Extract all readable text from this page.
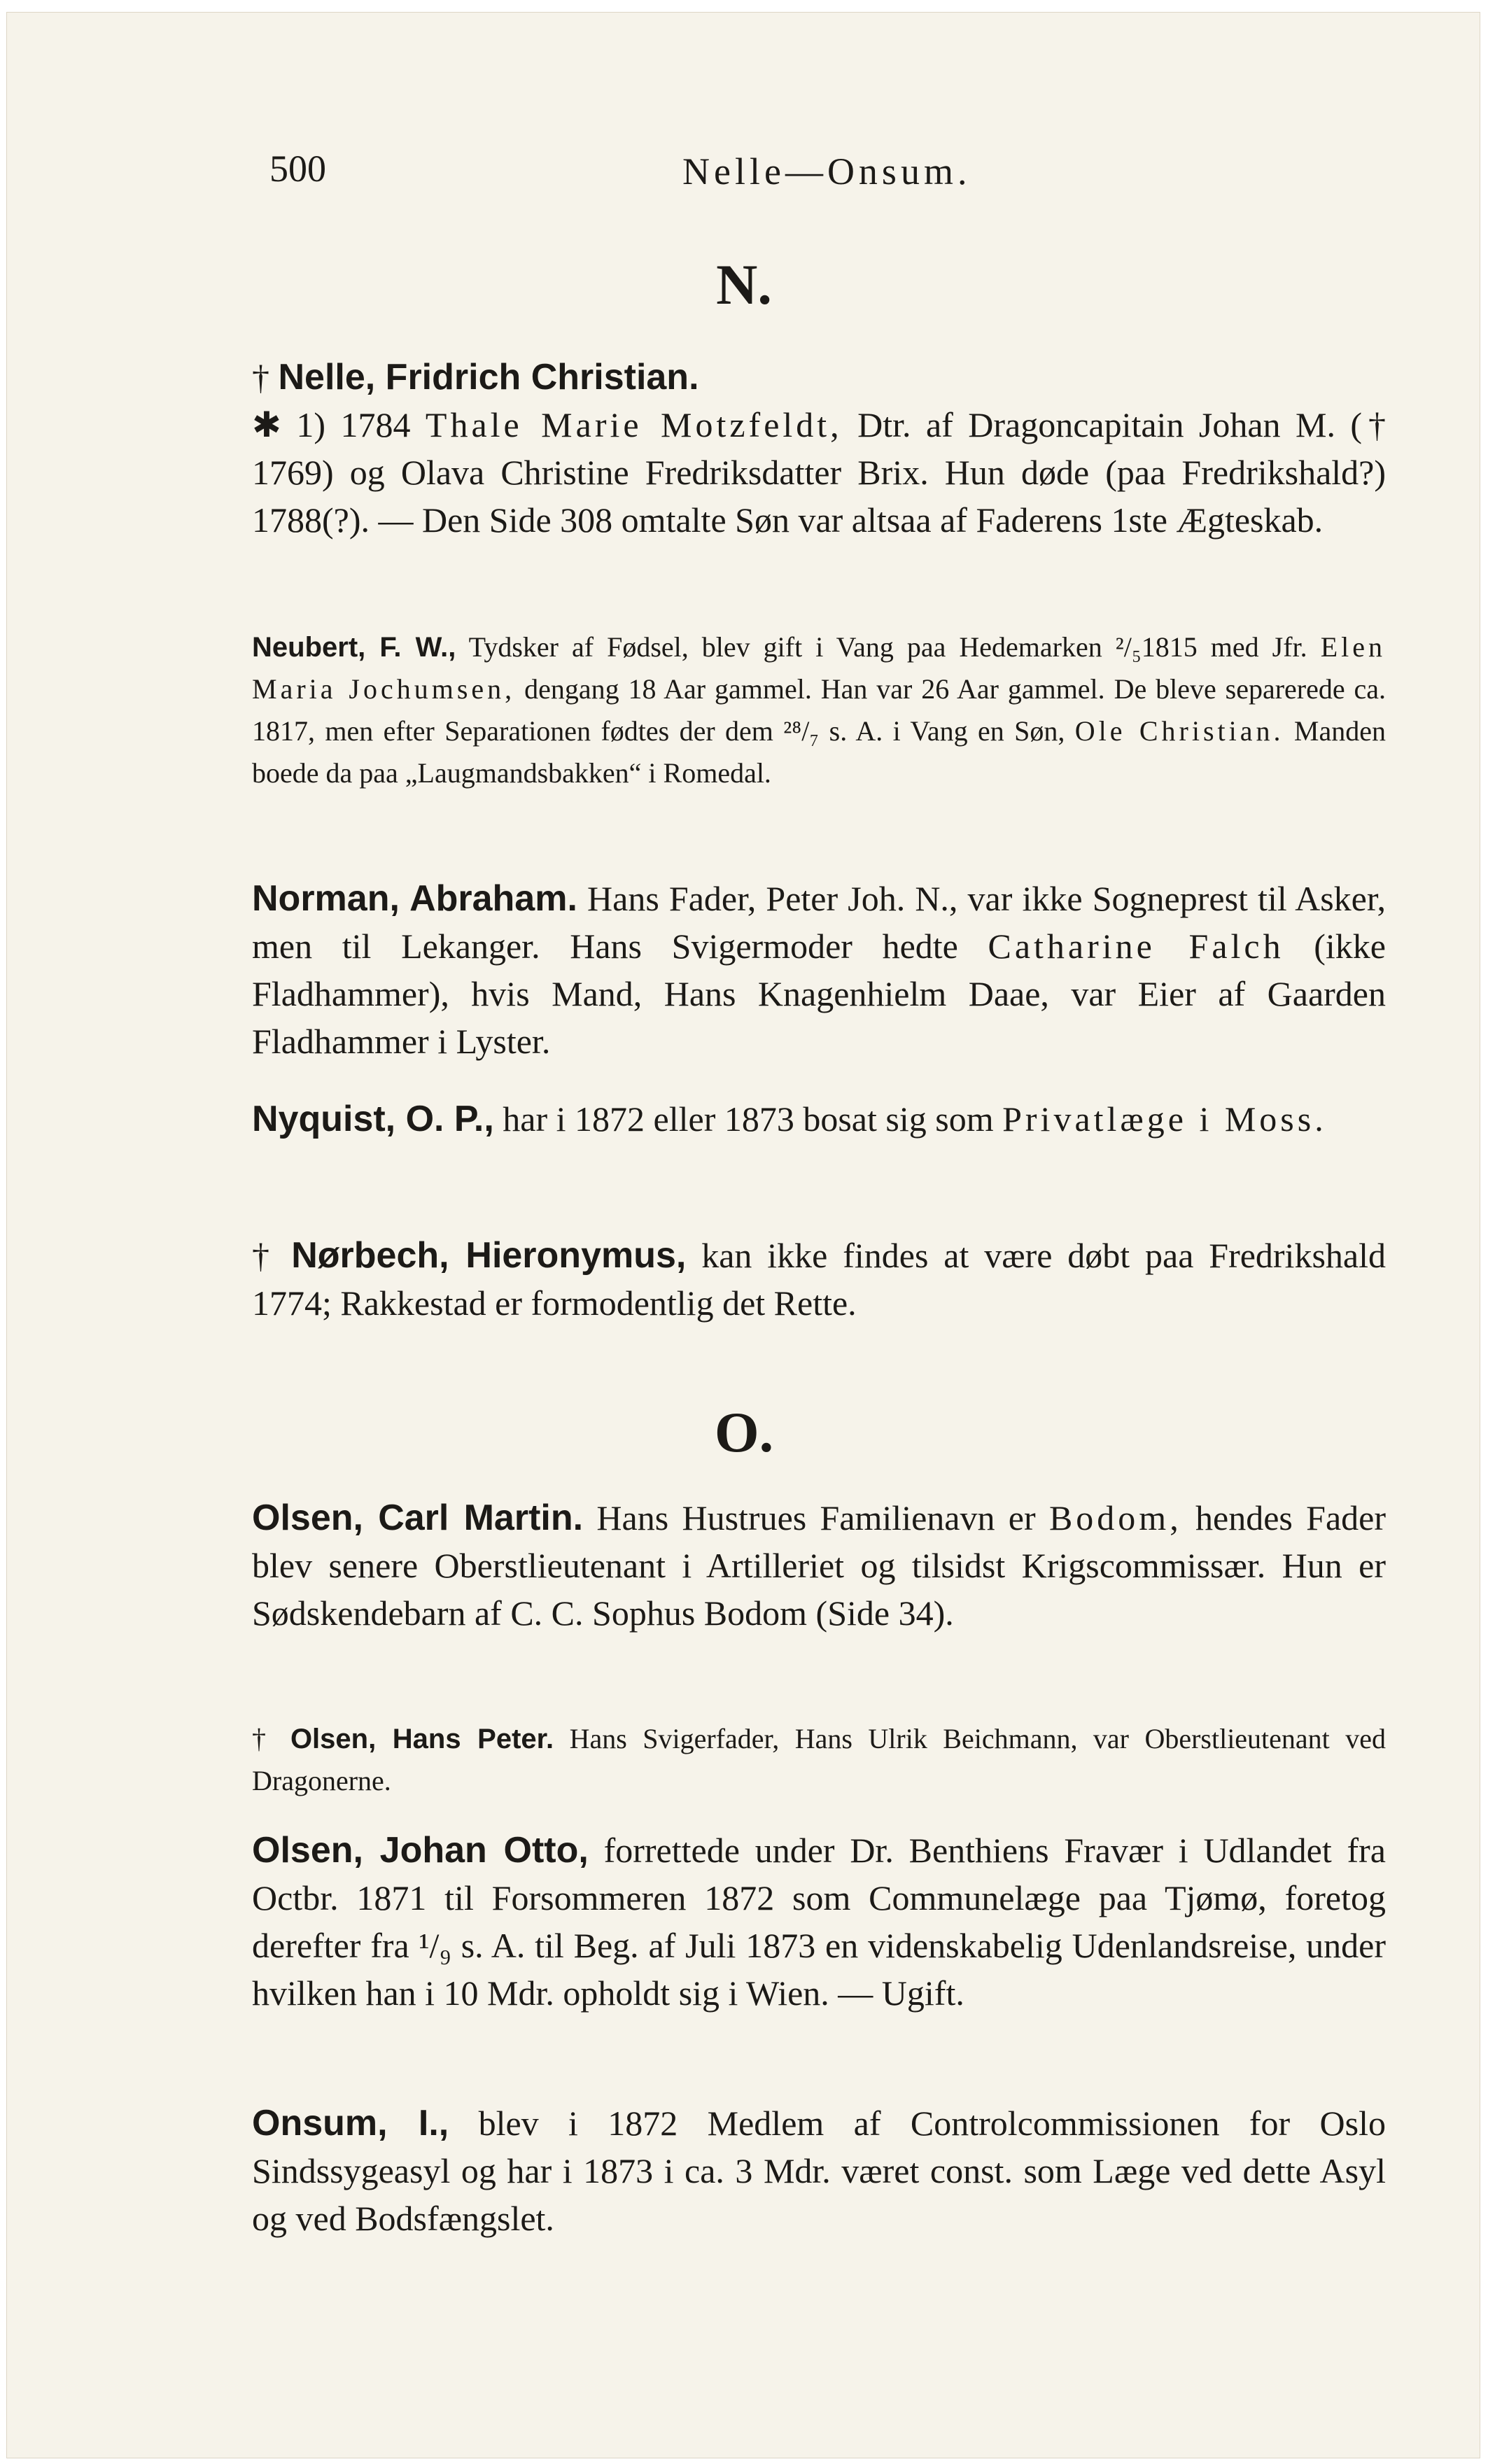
500	Nelle—Onsum.
N.
† Nelle, Fridrich Christian.
✱ 1) 1784 Thale Marie Motzfeldt, Dtr. af Dragoncapitain Johan M. († 1769) og Olava Christine Fredriksdatter Brix. Hun døde (paa Fredrikshald?) 1788(?). — Den Side 308 omtalte Søn var altsaa af Faderens 1ste Ægteskab.
Neubert, F. W., Tydsker af Fødsel, blev gift i Vang paa Hedemarken ²/₅1815 med Jfr. Elen Maria Jochumsen, dengang 18 Aar gammel. Han var 26 Aar gammel. De bleve separerede ca. 1817, men efter Separationen fødtes der dem ²⁸/₇ s. A. i Vang en Søn, Ole Christian. Manden boede da paa „Laugmandsbakken“ i Romedal.
Norman, Abraham. Hans Fader, Peter Joh. N., var ikke Sogneprest til Asker, men til Lekanger. Hans Svigermoder hedte Catharine Falch (ikke Fladhammer), hvis Mand, Hans Knagenhielm Daae, var Eier af Gaarden Fladhammer i Lyster.
Nyquist, O. P., har i 1872 eller 1873 bosat sig som Privatlæge i Moss.
† Nørbech, Hieronymus, kan ikke findes at være døbt paa Fredrikshald 1774; Rakkestad er formodentlig det Rette.
O.
Olsen, Carl Martin. Hans Hustrues Familienavn er Bodom, hendes Fader blev senere Oberstlieutenant i Artilleriet og tilsidst Krigscommissær. Hun er Sødskendebarn af C. C. Sophus Bodom (Side 34).
† Olsen, Hans Peter. Hans Svigerfader, Hans Ulrik Beichmann, var Oberstlieutenant ved Dragonerne.
Olsen, Johan Otto, forrettede under Dr. Benthiens Fravær i Udlandet fra Octbr. 1871 til Forsommeren 1872 som Communelæge paa Tjømø, foretog derefter fra ¹/₉ s. A. til Beg. af Juli 1873 en videnskabelig Udenlandsreise, under hvilken han i 10 Mdr. opholdt sig i Wien. — Ugift.
Onsum, I., blev i 1872 Medlem af Controlcommissionen for Oslo Sindssygeasyl og har i 1873 i ca. 3 Mdr. været const. som Læge ved dette Asyl og ved Bodsfængslet.
